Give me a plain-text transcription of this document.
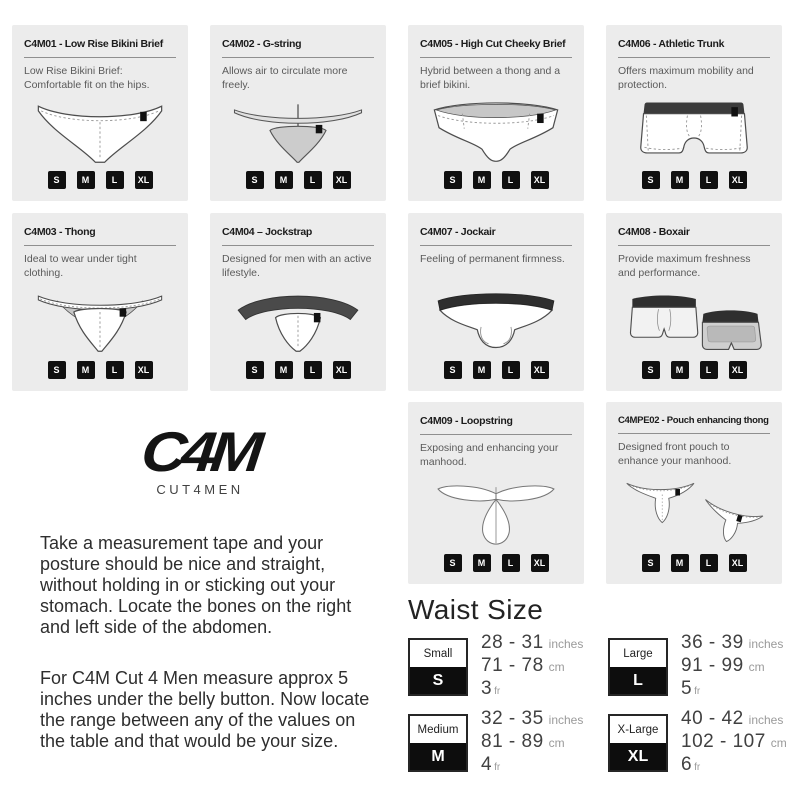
C4M01 - Low Rise Bikini Brief
Low Rise Bikini Brief: Comfortable fit on the hips.
S	M	L	XL
C4M02 - G-string
Allows air to circulate more freely.
S	M	L	XL
C4M05 - High Cut Cheeky Brief
Hybrid between a thong and a brief bikini.
S	M	L	XL
C4M06 - Athletic Trunk
Offers maximum mobility and protection.
S	M	L	XL
C4M03 - Thong
Ideal to wear under tight clothing.
S	M	L	XL
C4M04 – Jockstrap
Designed for men with an active lifestyle.
S	M	L	XL
C4M07 - Jockair
Feeling of permanent firmness.
S	M	L	XL
C4M08 - Boxair
Provide maximum freshness and performance.
S	M	L	XL
C4M09 - Loopstring
Exposing and enhancing your manhood.
S	M	L	XL
C4MPE02 - Pouch enhancing thong
Designed front pouch to enhance your manhood.
S	M	L	XL
C4M
CUT4MEN
Take a measurement tape and your posture should be nice and straight, without holding in or sticking out your stomach. Locate the bones on the right and left side of the abdomen.
For C4M Cut 4 Men measure approx 5 inches under the belly button. Now locate the range between any of the values on the table and that would be your size.
Waist Size
Small
S
28 - 31 inches
71 - 78 cm
3 fr
Large
L
36 - 39 inches
91 - 99 cm
5 fr
Medium
M
32 - 35 inches
81 - 89 cm
4 fr
X-Large
XL
40 - 42 inches
102 - 107 cm
6 fr
